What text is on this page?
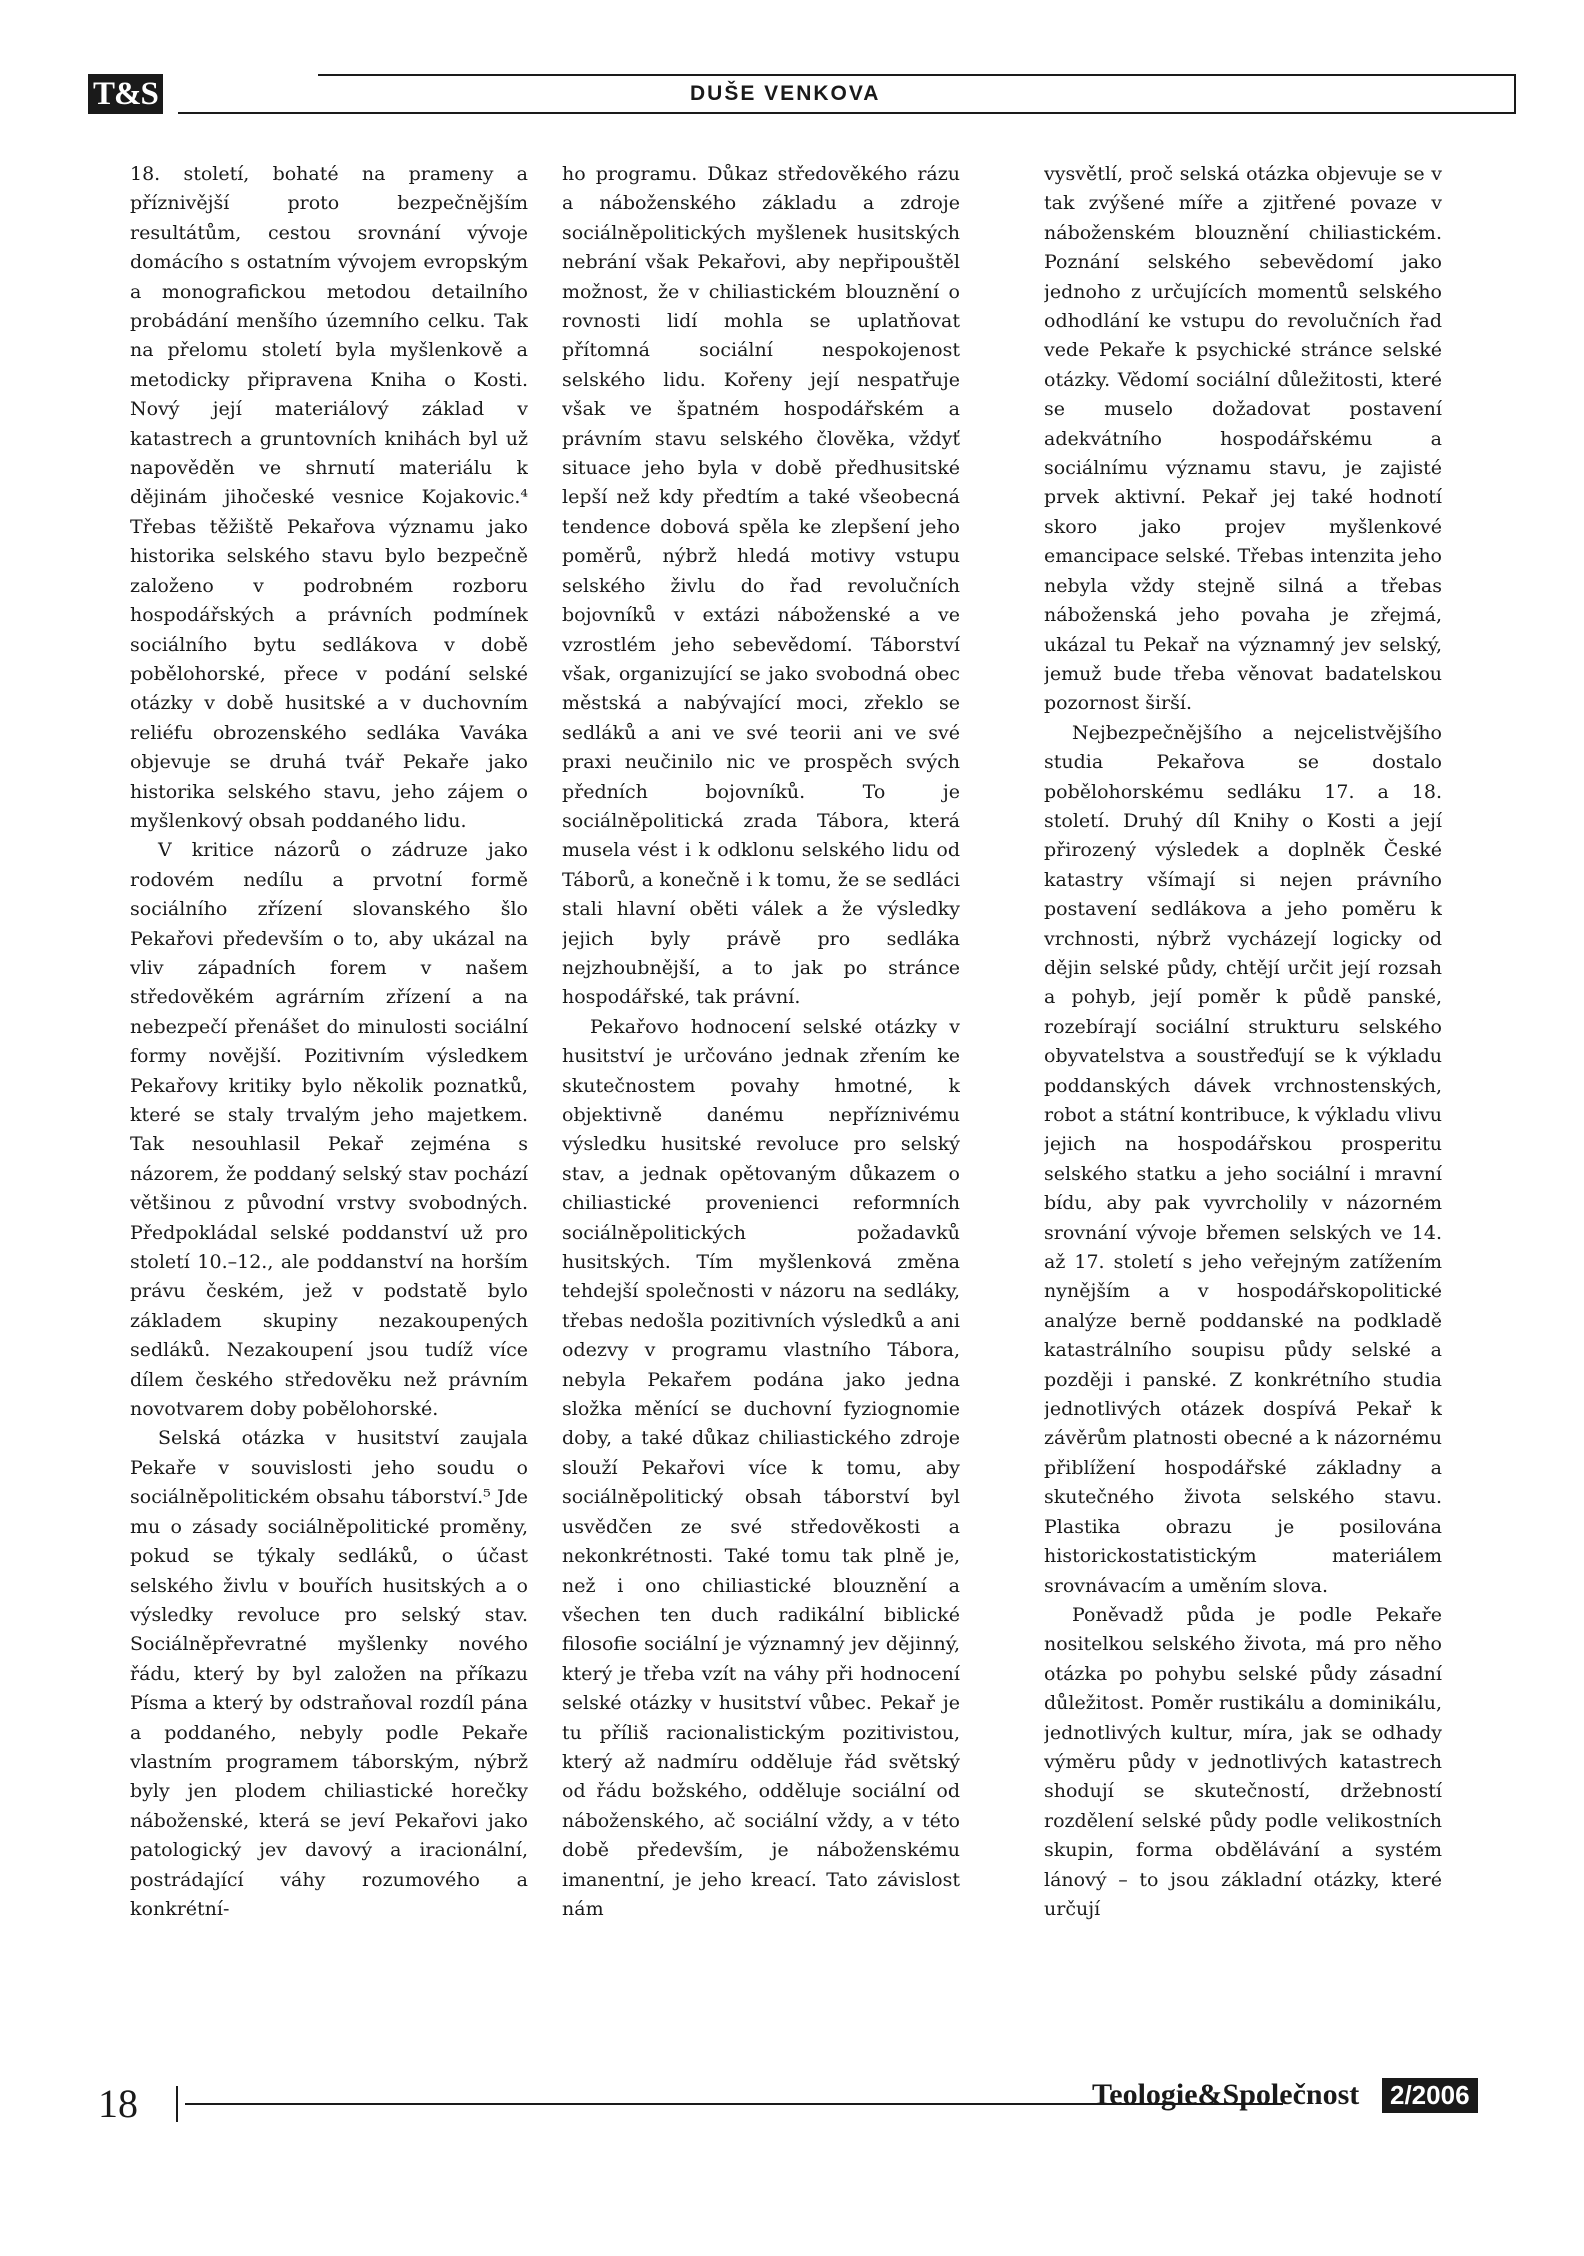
T&S	DUŠE VENKOVA

18. století, bohaté na prameny a příznivější proto bezpečnějším resultátům, cestou srovnání vývoje domácího s ostatním vývojem evropským a monografickou metodou detailního probádání menšího územního celku. Tak na přelomu století byla myšlenkově a metodicky připravena Kniha o Kosti. Nový její materiálový základ v katastrech a gruntovních knihách byl už napověděn ve shrnutí materiálu k dějinám jihočeské vesnice Kojakovic.⁴ Třebas těžiště Pekařova významu jako historika selského stavu bylo bezpečně založeno v podrobném rozboru hospodářských a právních podmínek sociálního bytu sedlákova v době pobělohorské, přece v podání selské otázky v době husitské a v duchovním reliéfu obrozenského sedláka Vaváka objevuje se druhá tvář Pekaře jako historika selského stavu, jeho zájem o myšlenkový obsah poddaného lidu.

V kritice názorů o zádruze jako rodovém nedílu a prvotní formě sociálního zřízení slovanského šlo Pekařovi především o to, aby ukázal na vliv západních forem v našem středověkém agrárním zřízení a na nebezpečí přenášet do minulosti sociální formy novější. Pozitivním výsledkem Pekařovy kritiky bylo několik poznatků, které se staly trvalým jeho majetkem. Tak nesouhlasil Pekař zejména s názorem, že poddaný selský stav pochází většinou z původní vrstvy svobodných. Předpokládal selské poddanství už pro století 10.–12., ale poddanství na horším právu českém, jež v podstatě bylo základem skupiny nezakoupených sedláků. Nezakoupení jsou tudíž více dílem českého středověku než právním novotvarem doby pobělohorské.

Selská otázka v husitství zaujala Pekaře v souvislosti jeho soudu o sociálněpolitickém obsahu táborství.⁵ Jde mu o zásady sociálněpolitické proměny, pokud se týkaly sedláků, o účast selského živlu v bouřích husitských a o výsledky revoluce pro selský stav. Sociálněpřevratné myšlenky nového řádu, který by byl založen na příkazu Písma a který by odstraňoval rozdíl pána a poddaného, nebyly podle Pekaře vlastním programem táborským, nýbrž byly jen plodem chiliastické horečky náboženské, která se jeví Pekařovi jako patologický jev davový a iracionální, postrádající váhy rozumového a konkrétní-

ho programu. Důkaz středověkého rázu a náboženského základu a zdroje sociálněpolitických myšlenek husitských nebrání však Pekařovi, aby nepřipouštěl možnost, že v chiliastickém blouznění o rovnosti lidí mohla se uplatňovat přítomná sociální nespokojenost selského lidu. Kořeny její nespatřuje však ve špatném hospodářském a právním stavu selského člověka, vždyť situace jeho byla v době předhusitské lepší než kdy předtím a také všeobecná tendence dobová spěla ke zlepšení jeho poměrů, nýbrž hledá motivy vstupu selského živlu do řad revolučních bojovníků v extázi náboženské a ve vzrostlém jeho sebevědomí. Táborství však, organizující se jako svobodná obec městská a nabývající moci, zřeklo se sedláků a ani ve své teorii ani ve své praxi neučinilo nic ve prospěch svých předních bojovníků. To je sociálněpolitická zrada Tábora, která musela vést i k odklonu selského lidu od Táborů, a konečně i k tomu, že se sedláci stali hlavní oběti válek a že výsledky jejich byly právě pro sedláka nejzhoubnější, a to jak po stránce hospodářské, tak právní.

Pekařovo hodnocení selské otázky v husitství je určováno jednak zřením ke skutečnostem povahy hmotné, k objektivně danému nepříznivému výsledku husitské revoluce pro selský stav, a jednak opětovaným důkazem o chiliastické provenienci reformních sociálněpolitických požadavků husitských. Tím myšlenková změna tehdejší společnosti v názoru na sedláky, třebas nedošla pozitivních výsledků a ani odezvy v programu vlastního Tábora, nebyla Pekařem podána jako jedna složka měnící se duchovní fyziognomie doby, a také důkaz chiliastického zdroje slouží Pekařovi více k tomu, aby sociálněpolitický obsah táborství byl usvědčen ze své středověkosti a nekonkrétnosti. Také tomu tak plně je, než i ono chiliastické blouznění a všechen ten duch radikální biblické filosofie sociální je významný jev dějinný, který je třeba vzít na váhy při hodnocení selské otázky v husitství vůbec. Pekař je tu příliš racionalistickým pozitivistou, který až nadmíru odděluje řád světský od řádu božského, odděluje sociální od náboženského, ač sociální vždy, a v této době především, je náboženskému imanentní, je jeho kreací. Tato závislost nám

vysvětlí, proč selská otázka objevuje se v tak zvýšené míře a zjitřené povaze v náboženském blouznění chiliastickém. Poznání selského sebevědomí jako jednoho z určujících momentů selského odhodlání ke vstupu do revolučních řad vede Pekaře k psychické stránce selské otázky. Vědomí sociální důležitosti, které se muselo dožadovat postavení adekvátního hospodářskému a sociálnímu významu stavu, je zajisté prvek aktivní. Pekař jej také hodnotí skoro jako projev myšlenkové emancipace selské. Třebas intenzita jeho nebyla vždy stejně silná a třebas náboženská jeho povaha je zřejmá, ukázal tu Pekař na významný jev selský, jemuž bude třeba věnovat badatelskou pozornost širší.

Nejbezpečnějšího a nejcelistvějšího studia Pekařova se dostalo pobělohorskému sedláku 17. a 18. století. Druhý díl Knihy o Kosti a její přirozený výsledek a doplněk České katastry všímají si nejen právního postavení sedlákova a jeho poměru k vrchnosti, nýbrž vycházejí logicky od dějin selské půdy, chtějí určit její rozsah a pohyb, její poměr k půdě panské, rozebírají sociální strukturu selského obyvatelstva a soustřeďují se k výkladu poddanských dávek vrchnostenských, robot a státní kontribuce, k výkladu vlivu jejich na hospodářskou prosperitu selského statku a jeho sociální i mravní bídu, aby pak vyvrcholily v názorném srovnání vývoje břemen selských ve 14. až 17. století s jeho veřejným zatížením nynějším a v hospodářskopolitické analýze berně poddanské na podkladě katastrálního soupisu půdy selské a později i panské. Z konkrétního studia jednotlivých otázek dospívá Pekař k závěrům platnosti obecné a k názornému přiblížení hospodářské základny a skutečného života selského stavu. Plastika obrazu je posilována historickostatistickým materiálem srovnávacím a uměním slova.

Poněvadž půda je podle Pekaře nositelkou selského života, má pro něho otázka po pohybu selské půdy zásadní důležitost. Poměr rustikálu a dominikálu, jednotlivých kultur, míra, jak se odhady výměru půdy v jednotlivých katastrech shodují se skutečností, držebností rozdělení selské půdy podle velikostních skupin, forma obdělávání a systém lánový – to jsou základní otázky, které určují

18	Teologie&Společnost	2/2006
